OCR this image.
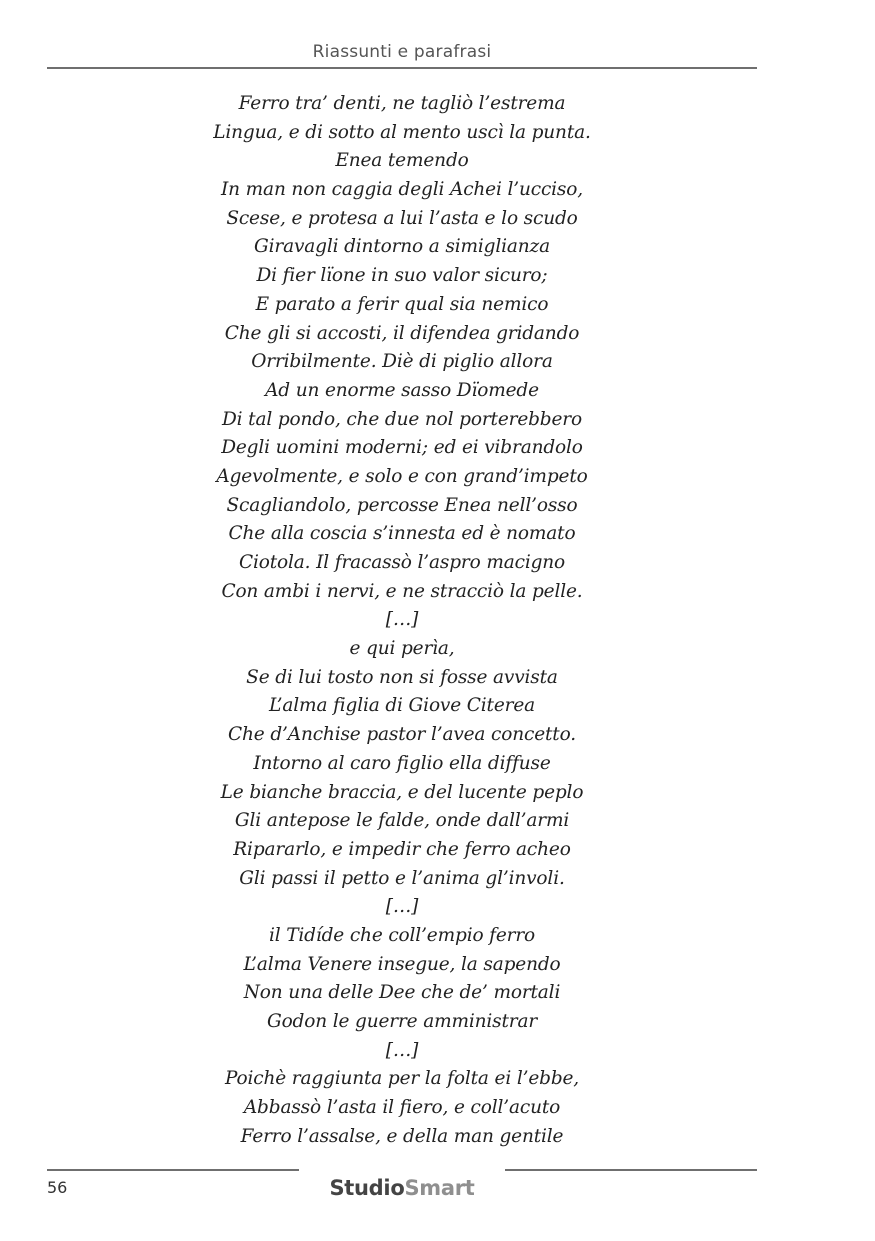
Riassunti e parafrasi
Ferro tra’ denti, ne tagliò l’estrema
Lingua, e di sotto al mento uscì la punta.
Enea temendo
In man non caggia degli Achei l’ucciso,
Scese, e protesa a lui l’asta e lo scudo
Giravagli dintorno a simiglianza
Di fier lïone in suo valor sicuro;
E parato a ferir qual sia nemico
Che gli si accosti, il difendea gridando
Orribilmente. Diè di piglio allora
Ad un enorme sasso Dïomede
Di tal pondo, che due nol porterebbero
Degli uomini moderni; ed ei vibrandolo
Agevolmente, e solo e con grand’impeto
Scagliandolo, percosse Enea nell’osso
Che alla coscia s’innesta ed è nomato
Ciotola. Il fracassò l’aspro macigno
Con ambi i nervi, e ne stracciò la pelle.
[…]
e qui perìa,
Se di lui tosto non si fosse avvista
L’alma figlia di Giove Citerea
Che d’Anchise pastor l’avea concetto.
Intorno al caro figlio ella diffuse
Le bianche braccia, e del lucente peplo
Gli antepose le falde, onde dall’armi
Ripararlo, e impedir che ferro acheo
Gli passi il petto e l’anima gl’involi.
[…]
il Tidíde che coll’empio ferro
L’alma Venere insegue, la sapendo
Non una delle Dee che de’ mortali
Godon le guerre amministrar
[…]
Poichè raggiunta per la folta ei l’ebbe,
Abbassò l’asta il fiero, e coll’acuto
Ferro l’assalse, e della man gentile
56	StudioSmart
